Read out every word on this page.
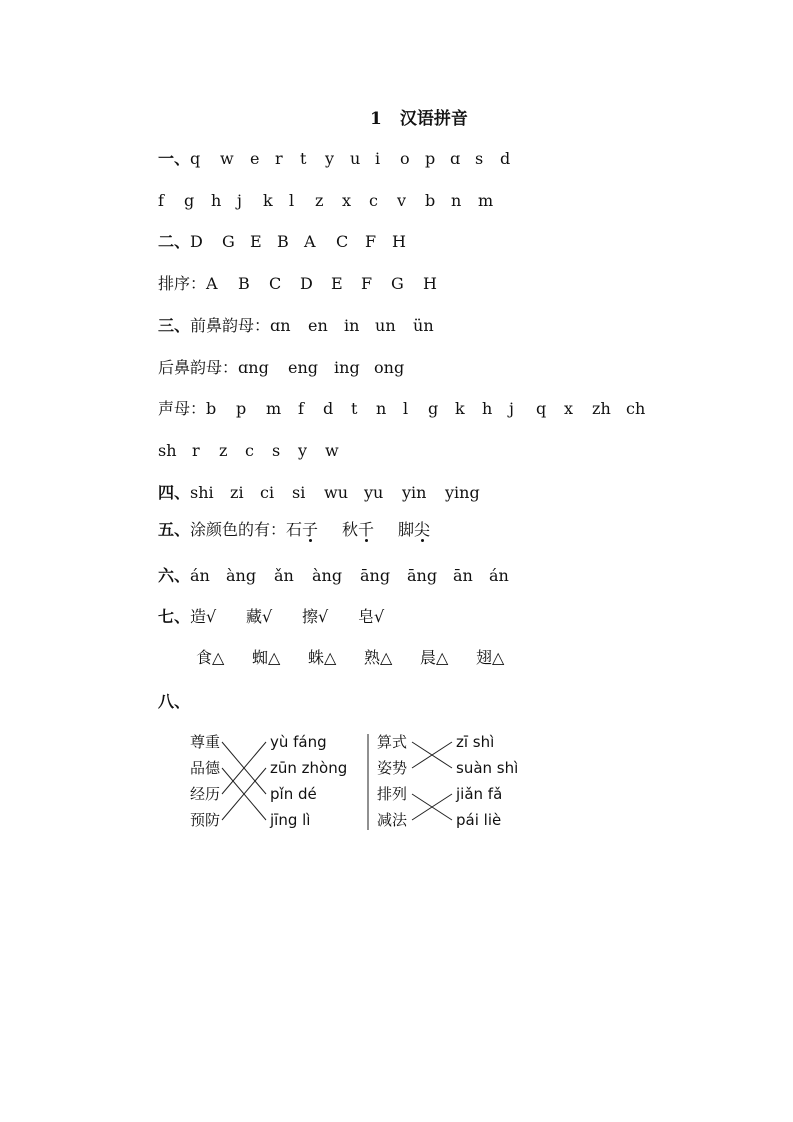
1 汉语拼音
一、q w e r t y u i o p ɑ s d
f g h j k l z x c v b n m
二、D G E B A C F H
排序：A B C D E F G H
三、前鼻韵母：ɑn en in un ün
后鼻韵母：ɑng eng ing ong
声母：b p m f d t n l g k h j q x zh ch
sh r z c s y w
四、shi zi ci si wu yu yin ying
五、涂颜色的有：石子 秋千 脚尖
六、án àng ǎn àng āng āng ān án
七、造√ 藏√ 擦√ 皂√
食△ 蜘△ 蛛△ 熟△ 晨△ 翅△
八、
尊重
品德
经历
预防
yù fáng
zūn zhòng
pǐn dé
jīng lì
算式
姿势
排列
减法
zī shì
suàn shì
jiǎn fǎ
pái liè
